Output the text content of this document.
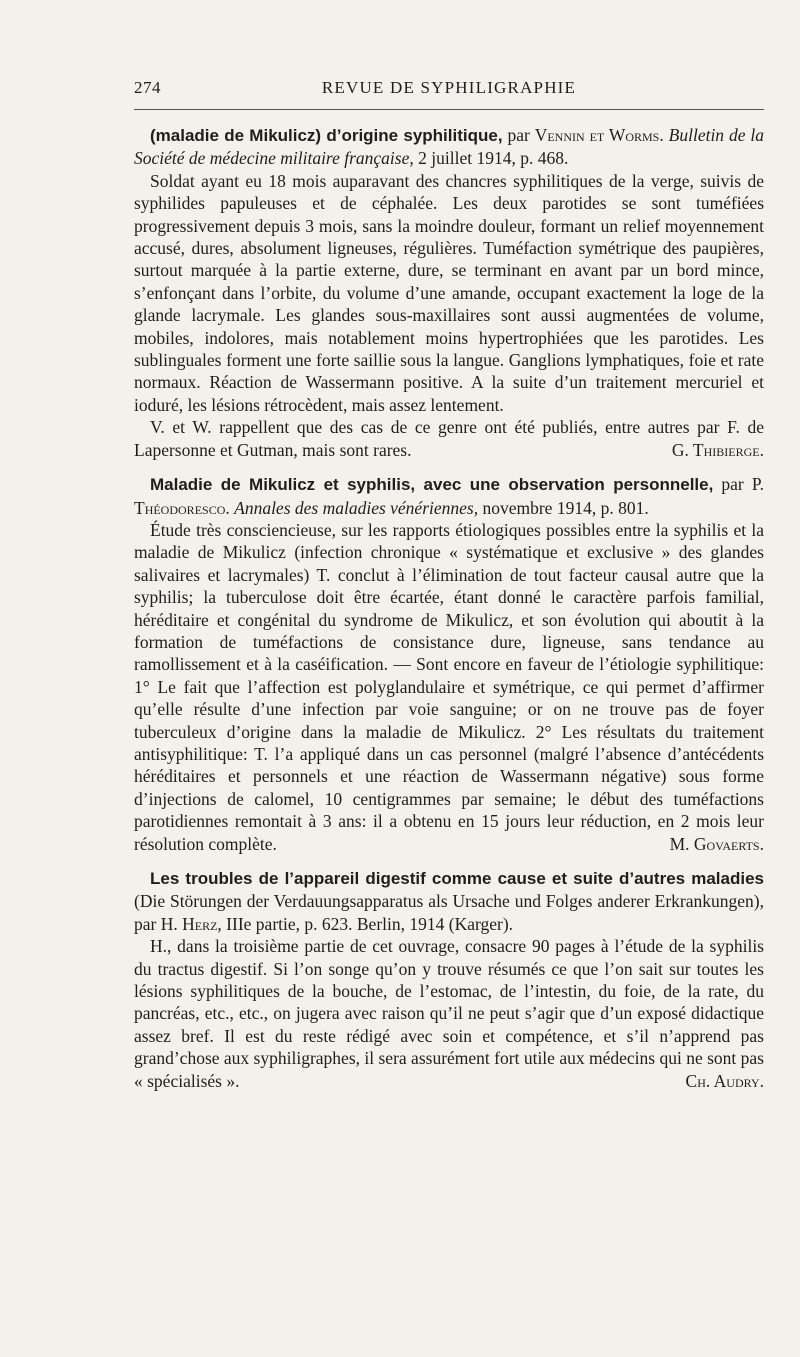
274	REVUE DE SYPHILIGRAPHIE

(maladie de Mikulicz) d’origine syphilitique, par Vennin et Worms. Bulletin de la Société de médecine militaire française, 2 juillet 1914, p. 468.

Soldat ayant eu 18 mois auparavant des chancres syphilitiques de la verge, suivis de syphilides papuleuses et de céphalée. Les deux parotides se sont tuméfiées progressivement depuis 3 mois, sans la moindre douleur, formant un relief moyennement accusé, dures, absolument ligneuses, régulières. Tuméfaction symétrique des paupières, surtout marquée à la partie externe, dure, se terminant en avant par un bord mince, s’enfonçant dans l’orbite, du volume d’une amande, occupant exactement la loge de la glande lacrymale. Les glandes sous-maxillaires sont aussi augmentées de volume, mobiles, indolores, mais notablement moins hypertrophiées que les parotides. Les sublinguales forment une forte saillie sous la langue. Ganglions lymphatiques, foie et rate normaux. Réaction de Wassermann positive. A la suite d’un traitement mercuriel et ioduré, les lésions rétrocèdent, mais assez lentement.

V. et W. rappellent que des cas de ce genre ont été publiés, entre autres par F. de Lapersonne et Gutman, mais sont rares.	G. Thibierge.

Maladie de Mikulicz et syphilis, avec une observation personnelle, par P. Théodoresco. Annales des maladies vénériennes, novembre 1914, p. 801.

Étude très consciencieuse, sur les rapports étiologiques possibles entre la syphilis et la maladie de Mikulicz (infection chronique « systématique et exclusive » des glandes salivaires et lacrymales) T. conclut à l’élimination de tout facteur causal autre que la syphilis; la tuberculose doit être écartée, étant donné le caractère parfois familial, héréditaire et congénital du syndrome de Mikulicz, et son évolution qui aboutit à la formation de tuméfactions de consistance dure, ligneuse, sans tendance au ramollissement et à la caséification. — Sont encore en faveur de l’étiologie syphilitique: 1° Le fait que l’affection est polyglandulaire et symétrique, ce qui permet d’affirmer qu’elle résulte d’une infection par voie sanguine; or on ne trouve pas de foyer tuberculeux d’origine dans la maladie de Mikulicz. 2° Les résultats du traitement antisyphilitique: T. l’a appliqué dans un cas personnel (malgré l’absence d’antécédents héréditaires et personnels et une réaction de Wassermann négative) sous forme d’injections de calomel, 10 centigrammes par semaine; le début des tuméfactions parotidiennes remontait à 3 ans: il a obtenu en 15 jours leur réduction, en 2 mois leur résolution complète.	M. Govaerts.

Les troubles de l’appareil digestif comme cause et suite d’autres maladies (Die Störungen der Verdauungsapparatus als Ursache und Folges anderer Erkrankungen), par H. Herz, IIIe partie, p. 623. Berlin, 1914 (Karger).

H., dans la troisième partie de cet ouvrage, consacre 90 pages à l’étude de la syphilis du tractus digestif. Si l’on songe qu’on y trouve résumés ce que l’on sait sur toutes les lésions syphilitiques de la bouche, de l’estomac, de l’intestin, du foie, de la rate, du pancréas, etc., etc., on jugera avec raison qu’il ne peut s’agir que d’un exposé didactique assez bref. Il est du reste rédigé avec soin et compétence, et s’il n’apprend pas grand’chose aux syphiligraphes, il sera assurément fort utile aux médecins qui ne sont pas « spécialisés ».	Ch. Audry.
